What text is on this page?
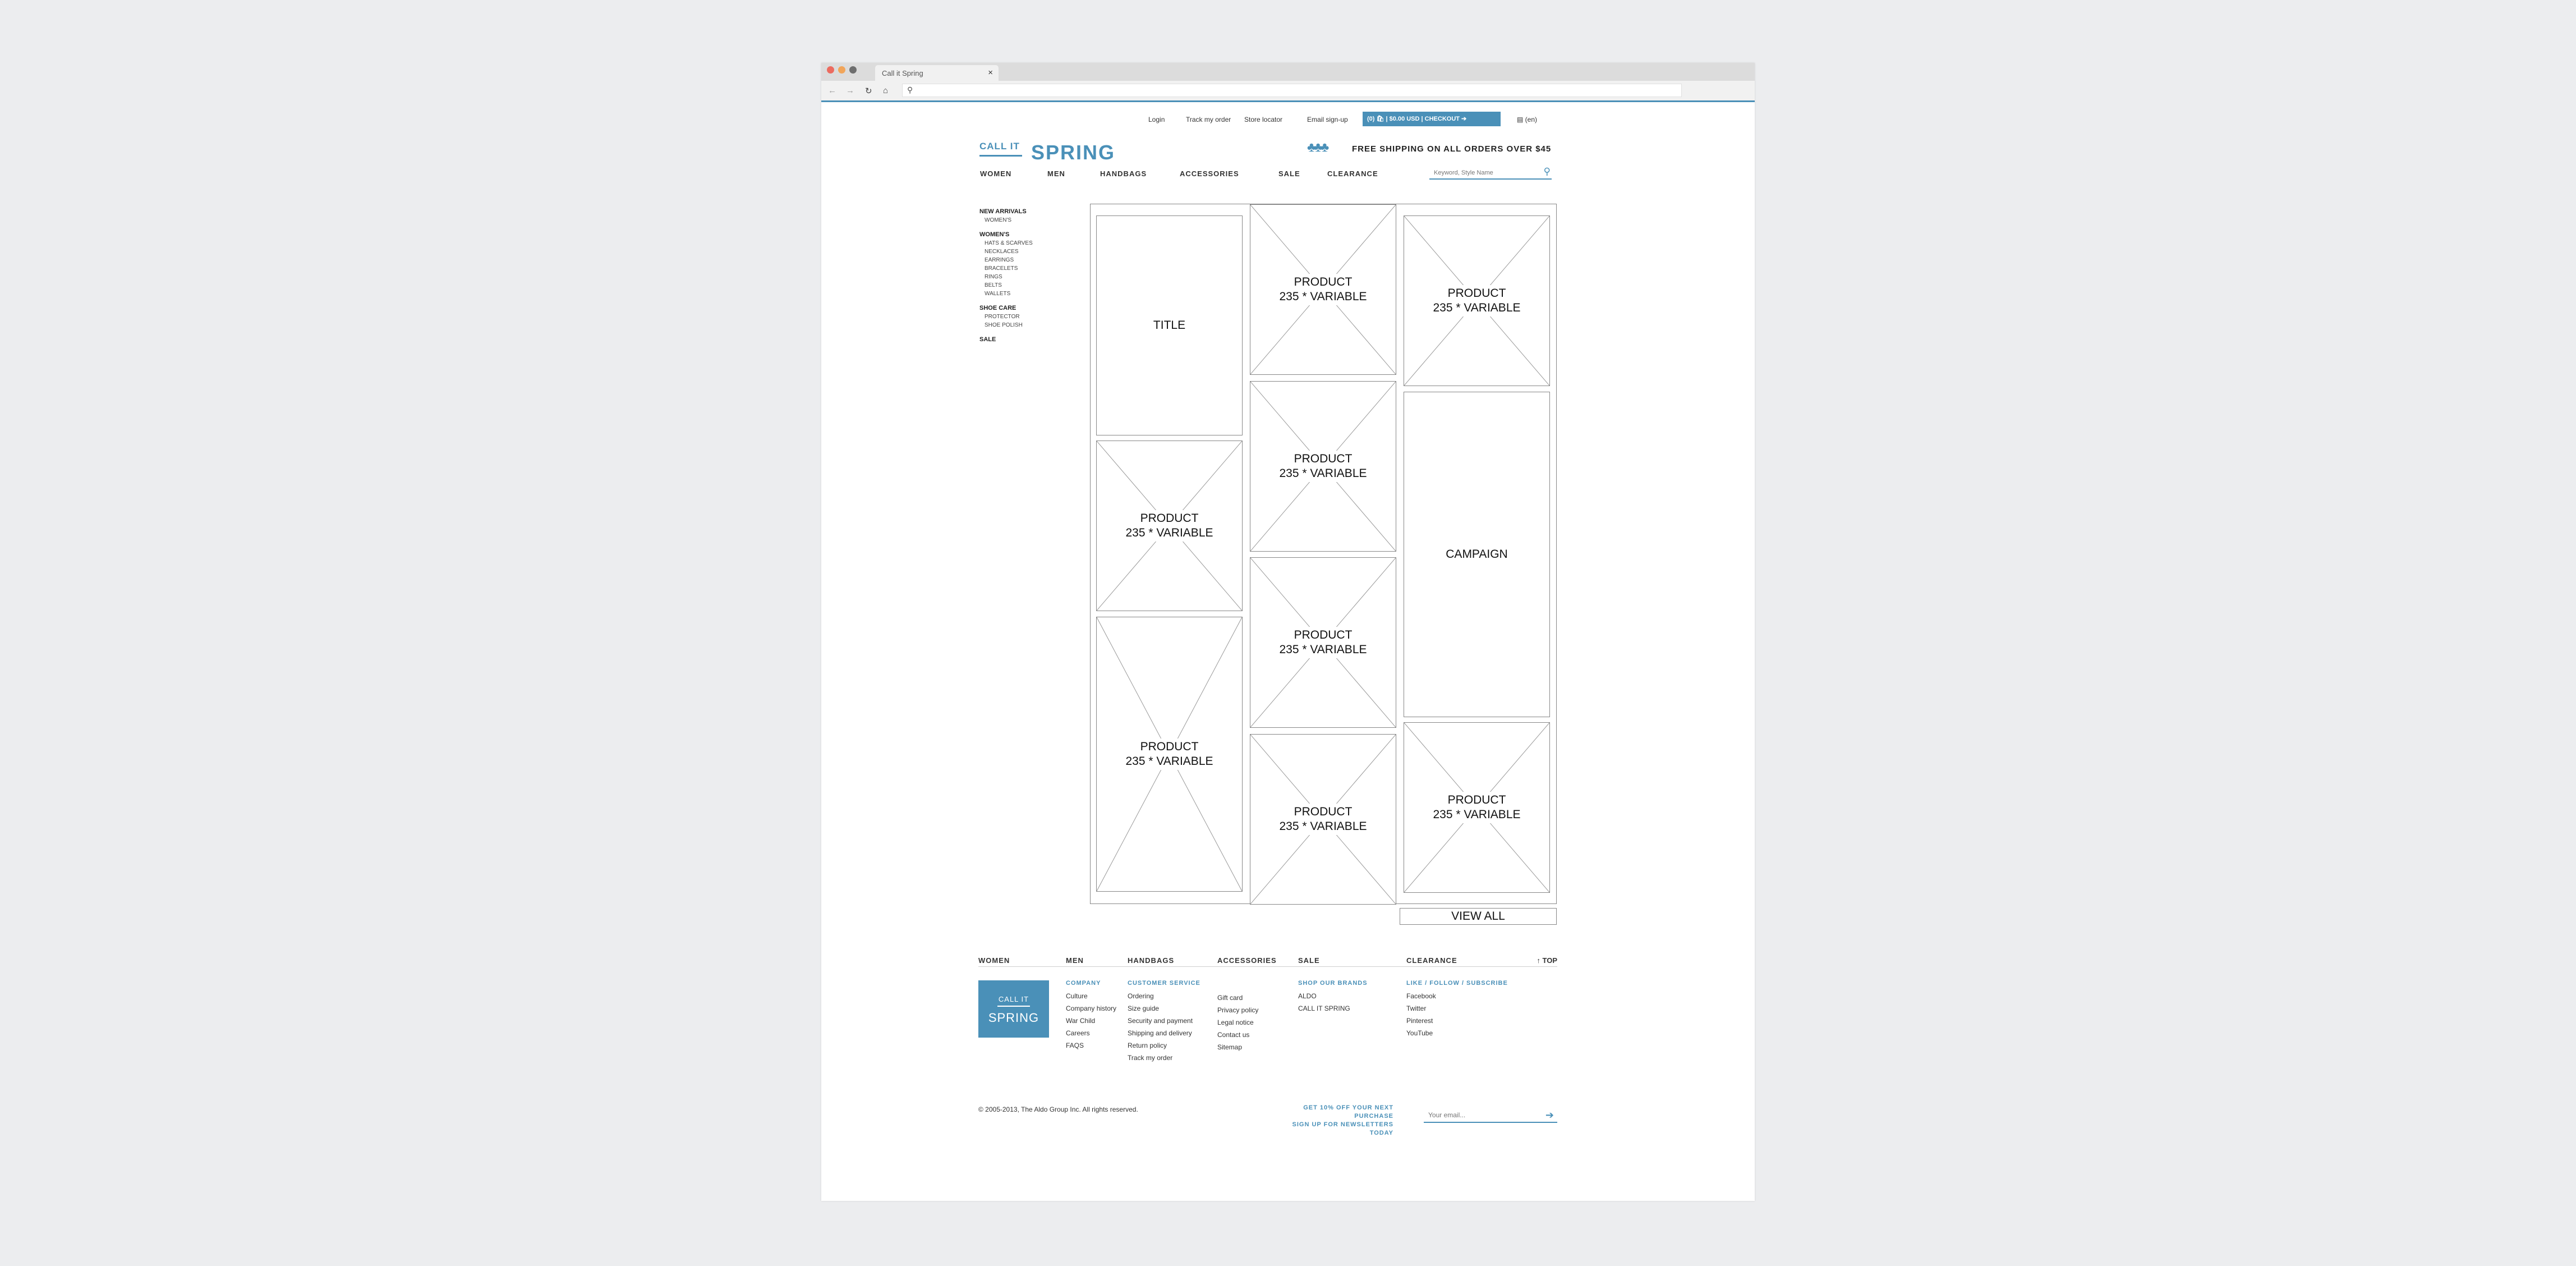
Call it Spring	×
← → ↻ ⌂ ⚲
Login	Track my order Store locator	Email sign-up	(0) 🛍 | $0.00 USD | CHECKOUT ➔	▤ (en)
CALL IT SPRING	♣♣♣	FREE SHIPPING ON ALL ORDERS OVER $45
WOMEN	MEN	HANDBAGS	ACCESSORIES	SALE	CLEARANCE
Keyword, Style Name	⚲
NEW ARRIVALS
WOMEN'S
WOMEN'S
HATS & SCARVES
NECKLACES
EARRINGS
BRACELETS
RINGS
BELTS
WALLETS
SHOE CARE
PROTECTOR
SHOE POLISH
SALE
TITLE
PRODUCT
235 * VARIABLE
PRODUCT
235 * VARIABLE
PRODUCT
235 * VARIABLE
PRODUCT
235 * VARIABLE
PRODUCT
235 * VARIABLE
PRODUCT
235 * VARIABLE
PRODUCT
235 * VARIABLE
CAMPAIGN
PRODUCT
235 * VARIABLE
VIEW ALL
WOMEN	MEN	HANDBAGS	ACCESSORIES	SALE	CLEARANCE	↑ TOP
CALL IT
SPRING
COMPANY
Culture
Company history
War Child
Careers
FAQS
CUSTOMER SERVICE
Ordering
Size guide
Security and payment
Shipping and delivery
Return policy
Track my order
Gift card
Privacy policy
Legal notice
Contact us
Sitemap
SHOP OUR BRANDS
ALDO
CALL IT SPRING
LIKE / FOLLOW / SUBSCRIBE
Facebook
Twitter
Pinterest
YouTube
© 2005-2013, The Aldo Group Inc. All rights reserved.	GET 10% OFF YOUR NEXT PURCHASE
SIGN UP FOR NEWSLETTERS TODAY
Your email...
➔
